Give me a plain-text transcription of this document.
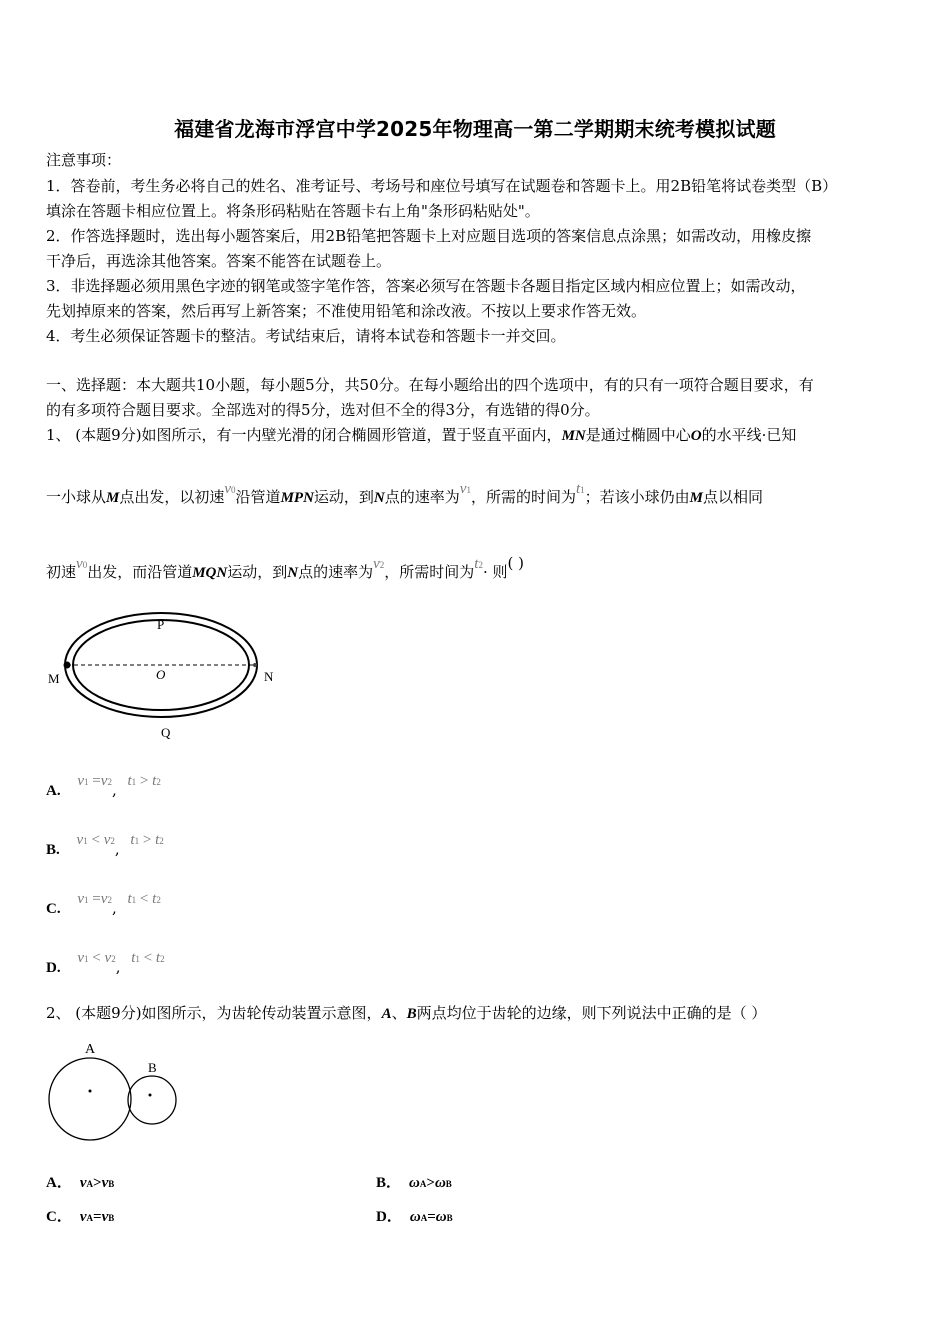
福建省龙海市浮宫中学2025年物理高一第二学期期末统考模拟试题
注意事项：
1．答卷前，考生务必将自己的姓名、准考证号、考场号和座位号填写在试题卷和答题卡上。用2B铅笔将试卷类型（B）
填涂在答题卡相应位置上。将条形码粘贴在答题卡右上角"条形码粘贴处"。
2．作答选择题时，选出每小题答案后，用2B铅笔把答题卡上对应题目选项的答案信息点涂黑；如需改动，用橡皮擦
干净后，再选涂其他答案。答案不能答在试题卷上。
3．非选择题必须用黑色字迹的钢笔或签字笔作答，答案必须写在答题卡各题目指定区域内相应位置上；如需改动，
先划掉原来的答案，然后再写上新答案；不准使用铅笔和涂改液。不按以上要求作答无效。
4．考生必须保证答题卡的整洁。考试结束后，请将本试卷和答题卡一并交回。
一、选择题：本大题共10小题，每小题5分，共50分。在每小题给出的四个选项中，有的只有一项符合题目要求，有
的有多项符合题目要求。全部选对的得5分，选对但不全的得3分，有选错的得0分。
1、 (本题9分)如图所示，有一内壁光滑的闭合椭圆形管道，置于竖直平面内，MN是通过椭圆中心O的水平线·已知
一小球从M点出发，以初速v0沿管道MPN运动，到N点的速率为v1，所需的时间为t1；若该小球仍由M点以相同
初速v0出发，而沿管道MQN运动，到N点的速率为v2，所需时间为t2· 则( )
P
O
M	N
Q
A. v1 =v2, t1 > t2
B. v1 < v2, t1 > t2
C. v1 =v2, t1 < t2
D. v1 < v2, t1 < t2
2、 (本题9分)如图所示，为齿轮传动装置示意图，A、B两点均位于齿轮的边缘，则下列说法中正确的是（ ）
A
B
A． vA>vB	B． ωA>ωB
C． vA=vB	D． ωA=ωB
